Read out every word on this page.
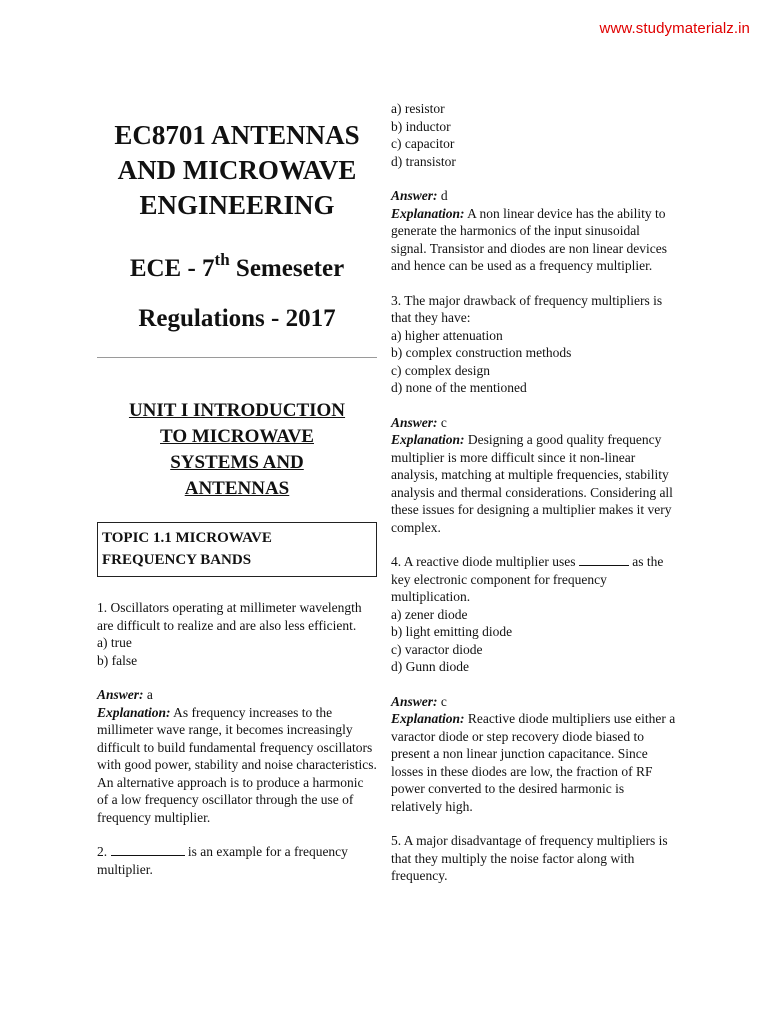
www.studymaterialz.in
EC8701 ANTENNAS
AND MICROWAVE
ENGINEERING
ECE - 7th Semeseter
Regulations - 2017
UNIT I INTRODUCTION
TO MICROWAVE
SYSTEMS AND
ANTENNAS
TOPIC 1.1 MICROWAVE
FREQUENCY BANDS

1. Oscillators operating at millimeter wavelength are difficult to realize and are also less efficient.

a) true

b) false

Answer: a

Explanation: As frequency increases to the millimeter wave range, it becomes increasingly difficult to build fundamental frequency oscillators with good power, stability and noise characteristics. An alternative approach is to produce a harmonic of a low frequency oscillator through the use of frequency multiplier.

2.	is an example for a frequency multiplier.

a) resistor

b) inductor

c) capacitor

d) transistor

Answer: d

Explanation: A non linear device has the ability to generate the harmonics of the input sinusoidal signal. Transistor and diodes are non linear devices and hence can be used as a frequency multiplier.

3. The major drawback of frequency multipliers is that they have:

a) higher attenuation

b) complex construction methods

c) complex design

d) none of the mentioned

Answer: c

Explanation: Designing a good quality frequency multiplier is more difficult since it non-linear analysis, matching at multiple frequencies, stability analysis and thermal considerations. Considering all these issues for designing a multiplier makes it very complex.

4. A reactive diode multiplier uses	as the key electronic component for frequency multiplication.

a) zener diode

b) light emitting diode

c) varactor diode

d) Gunn diode

Answer: c

Explanation: Reactive diode multipliers use either a varactor diode or step recovery diode biased to present a non linear junction capacitance. Since losses in these diodes are low, the fraction of RF power converted to the desired harmonic is relatively high.

5. A major disadvantage of frequency multipliers is that they multiply the noise factor along with frequency.
